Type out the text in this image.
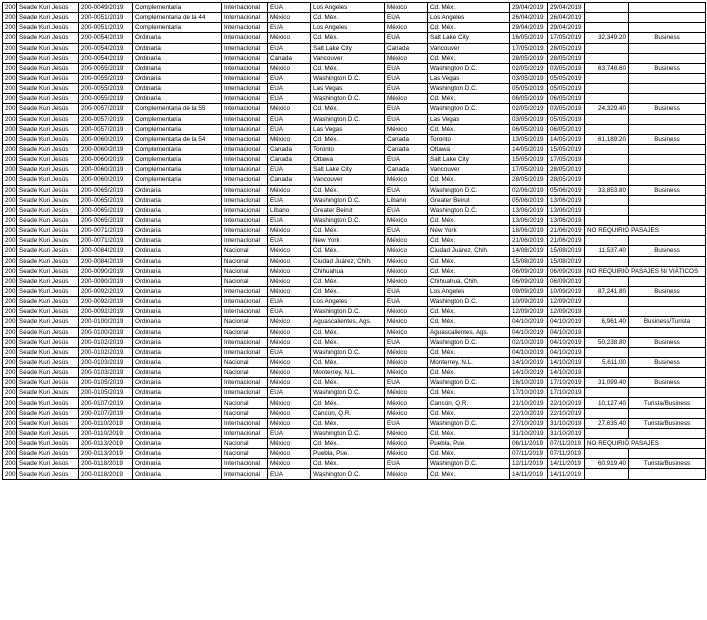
200	Seade Kuri Jesús	200-0049/2019	Complementaria	Internacional	EUA	Los Angeles	México	Cd. Méx.	29/04/2019	29/04/2019		
200	Seade Kuri Jesús	200-0051/2019	Complementaria de la 44	Internacional	México	Cd. Méx.	EUA	Los Angeles	26/04/2019	26/04/2019		
200	Seade Kuri Jesús	200-0051/2019	Complementaria	Internacional	EUA	Los Angeles	México	Cd. Méx.	29/04/2019	29/04/2019		
200	Seade Kuri Jesús	200-0054/2019	Ordinaria	Internacional	México	Cd. Méx.	EUA	Salt Lake City	16/05/2019	17/05/2019	32,349.20	Business
200	Seade Kuri Jesús	200-0054/2019	Ordinaria	Internacional	EUA	Salt Lake City	Canada	Vancouver	17/05/2019	28/05/2019		
200	Seade Kuri Jesús	200-0054/2019	Ordinaria	Internacional	Canada	Vancouver	México	Cd. Méx.	28/05/2019	28/05/2019		
200	Seade Kuri Jesús	200-0055/2019	Ordinaria	Internacional	México	Cd. Méx.	EUA	Washington D.C.	02/05/2019	03/05/2019	63,748.60	Business
200	Seade Kuri Jesús	200-0055/2019	Ordinaria	Internacional	EUA	Washington D.C.	EUA	Las Vegas	03/05/2019	05/05/2019		
200	Seade Kuri Jesús	200-0055/2019	Ordinaria	Internacional	EUA	Las Vegas	EUA	Washington D.C.	05/05/2019	05/05/2019		
200	Seade Kuri Jesús	200-0055/2019	Ordinaria	Internacional	EUA	Washington D.C.	México	Cd. Méx.	06/05/2019	06/05/2019		
200	Seade Kuri Jesús	200-0057/2019	Complementaria de la 55	Internacional	México	Cd. Méx.	EUA	Washington D.C.	02/05/2019	03/05/2019	24,329.40	Business
200	Seade Kuri Jesús	200-0057/2019	Complementaria	Internacional	EUA	Washington D.C.	EUA	Las Vegas	03/05/2019	05/05/2019		
200	Seade Kuri Jesús	200-0057/2019	Complementaria	Internacional	EUA	Las Vegas	México	Cd. Méx.	06/05/2019	06/05/2019		
200	Seade Kuri Jesús	200-0060/2019	Complementaria de la 54	Internacional	México	Cd. Méx.	Canada	Toronto	13/05/2019	14/05/2019	61,189.20	Business
200	Seade Kuri Jesús	200-0060/2019	Complementaria	Internacional	Canada	Toronto	Canada	Ottawa	14/05/2019	15/05/2019		
200	Seade Kuri Jesús	200-0060/2019	Complementaria	Internacional	Canada	Ottawa	EUA	Salt Lake City	15/05/2019	17/05/2019		
200	Seade Kuri Jesús	200-0060/2019	Complementaria	Internacional	EUA	Salt Lake City	Canada	Vancouver	17/05/2019	28/05/2019		
200	Seade Kuri Jesús	200-0060/2019	Complementaria	Internacional	Canada	Vancouver	México	Cd. Méx.	28/05/2019	28/05/2019		
200	Seade Kuri Jesús	200-0065/2019	Ordinaria	Internacional	México	Cd. Méx.	EUA	Washington D.C.	02/06/2019	05/06/2019	33,853.80	Business
200	Seade Kuri Jesús	200-0065/2019	Ordinaria	Internacional	EUA	Washington D.C.	Líbano	Greater Beirut	05/06/2019	13/06/2019		
200	Seade Kuri Jesús	200-0065/2019	Ordinaria	Internacional	Líbano	Greater Beirut	EUA	Washington D.C.	13/06/2019	13/06/2019		
200	Seade Kuri Jesús	200-0065/2019	Ordinaria	Internacional	EUA	Washington D.C.	México	Cd. Méx.	13/06/2019	13/06/2019		
200	Seade Kuri Jesús	200-0071/2019	Ordinaria	Internacional	México	Cd. Méx.	EUA	New York	18/06/2019	21/06/2019	NO REQUIRIÓ PASAJES	
200	Seade Kuri Jesús	200-0071/2019	Ordinaria	Internacional	EUA	New York	México	Cd. Méx.	21/06/2019	21/06/2019		
200	Seade Kuri Jesús	200-0084/2019	Ordinaria	Nacional	México	Cd. Méx.	México	Ciudad Juárez, Chih.	14/08/2019	15/08/2019	11,537.40	Business
200	Seade Kuri Jesús	200-0084/2019	Ordinaria	Nacional	México	Ciudad Juárez, Chih.	México	Cd. Méx.	15/08/2019	15/08/2019		
200	Seade Kuri Jesús	200-0090/2019	Ordinaria	Nacional	México	Chihuahua	México	Cd. Méx.	06/09/2019	06/09/2019	NO REQUIRIÓ PASAJES NI VIÁTICOS	
200	Seade Kuri Jesús	200-0090/2019	Ordinaria	Nacional	México	Cd. Méx.	México	Chihuahua, Chih.	06/09/2019	06/09/2019		
200	Seade Kuri Jesús	200-0092/2019	Ordinaria	Internacional	México	Cd. Méx.	EUA	Los Angeles	09/09/2019	10/09/2019	87,241.80	Business
200	Seade Kuri Jesús	200-0092/2019	Ordinaria	Internacional	EUA	Los Angeles	EUA	Washington D.C.	10/09/2019	12/09/2019		
200	Seade Kuri Jesús	200-0092/2019	Ordinaria	Internacional	EUA	Washington D.C.	México	Cd. Méx.	12/09/2019	12/09/2019		
200	Seade Kuri Jesús	200-0100/2019	Ordinaria	Nacional	México	Aguascalientes, Ags.	México	Cd. Méx.	04/10/2019	04/10/2019	6,961.40	Business/Turista
200	Seade Kuri Jesús	200-0100/2019	Ordinaria	Nacional	México	Cd. Méx.	México	Aguascalientes, Ags.	04/10/2019	04/10/2019		
200	Seade Kuri Jesús	200-0102/2019	Ordinaria	Internacional	México	Cd. Méx.	EUA	Washington D.C.	02/10/2019	04/10/2019	50,238.80	Business
200	Seade Kuri Jesús	200-0102/2019	Ordinaria	Internacional	EUA	Washington D.C.	México	Cd. Méx.	04/10/2019	04/10/2019		
200	Seade Kuri Jesús	200-0103/2019	Ordinaria	Nacional	México	Cd. Méx.	México	Monterrey, N.L.	14/10/2019	14/10/2019	5,611.00	Business
200	Seade Kuri Jesús	200-0103/2019	Ordinaria	Nacional	México	Monterrey, N.L.	México	Cd. Méx.	14/10/2019	14/10/2019		
200	Seade Kuri Jesús	200-0105/2019	Ordinaria	Internacional	México	Cd. Méx.	EUA	Washington D.C.	16/10/2019	17/10/2019	31,099.40	Business
200	Seade Kuri Jesús	200-0105/2019	Ordinaria	Internacional	EUA	Washington D.C.	México	Cd. Méx.	17/10/2019	17/10/2019		
200	Seade Kuri Jesús	200-0107/2019	Ordinaria	Nacional	México	Cd. Méx.	México	Cancún, Q.R.	21/10/2019	22/10/2019	10,127.40	Turista/Business
200	Seade Kuri Jesús	200-0107/2019	Ordinaria	Nacional	México	Cancún, Q.R.	México	Cd. Méx.	22/10/2019	22/10/2019		
200	Seade Kuri Jesús	200-0110/2019	Ordinaria	Internacional	México	Cd. Méx.	EUA	Washington D.C.	27/10/2019	31/10/2019	27,635.40	Turista/Business
200	Seade Kuri Jesús	200-0110/2019	Ordinaria	Internacional	EUA	Washington D.C.	México	Cd. Méx.	31/10/2019	31/10/2019		
200	Seade Kuri Jesús	200-0113/2019	Ordinaria	Nacional	México	Cd. Méx.	México	Puebla, Pue.	06/11/2019	07/11/2019	NO REQUIRIÓ PASAJES	
200	Seade Kuri Jesús	200-0113/2019	Ordinaria	Nacional	México	Puebla, Pue.	México	Cd. Méx.	07/11/2019	07/11/2019		
200	Seade Kuri Jesús	200-0118/2019	Ordinaria	Internacional	México	Cd. Méx.	EUA	Washington D.C.	12/11/2019	14/11/2019	60,919.40	Turista/Business
200	Seade Kuri Jesús	200-0118/2019	Ordinaria	Internacional	EUA	Washington D.C.	México	Cd. Méx.	14/11/2019	14/11/2019		
